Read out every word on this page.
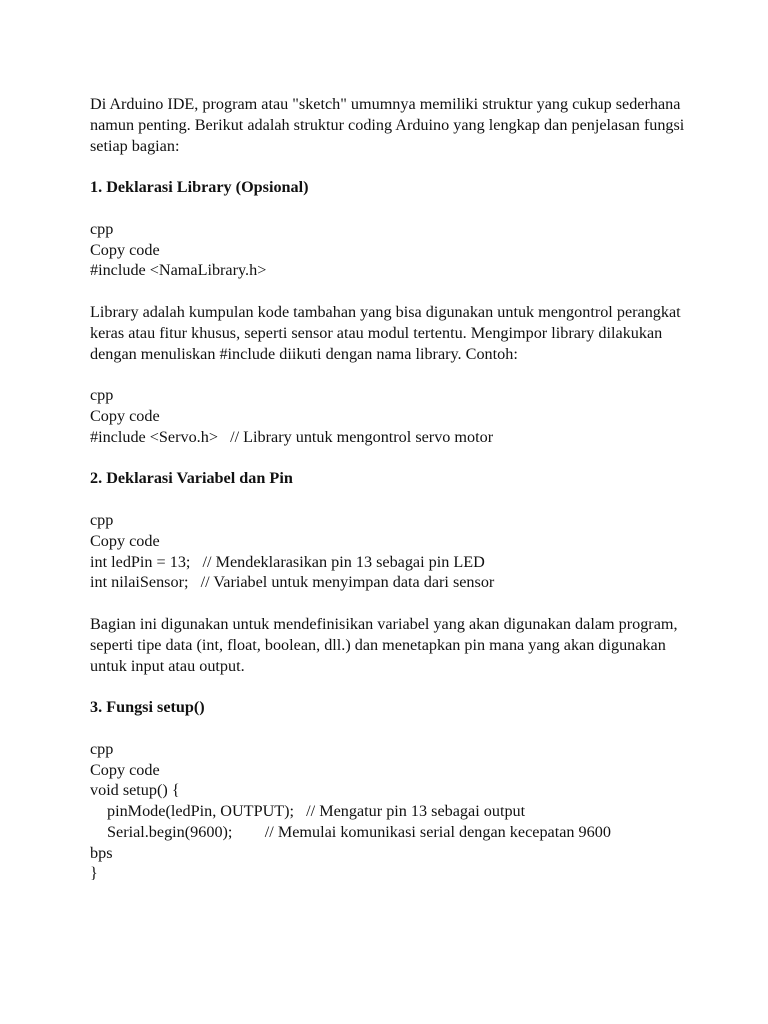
Di Arduino IDE, program atau "sketch" umumnya memiliki struktur yang cukup sederhana namun penting. Berikut adalah struktur coding Arduino yang lengkap dan penjelasan fungsi setiap bagian:

1. Deklarasi Library (Opsional)
cpp
Copy code
#include <NamaLibrary.h>

Library adalah kumpulan kode tambahan yang bisa digunakan untuk mengontrol perangkat keras atau fitur khusus, seperti sensor atau modul tertentu. Mengimpor library dilakukan dengan menuliskan #include diikuti dengan nama library. Contoh:

cpp
Copy code
#include <Servo.h>   // Library untuk mengontrol servo motor
2. Deklarasi Variabel dan Pin
cpp
Copy code
int ledPin = 13;   // Mendeklarasikan pin 13 sebagai pin LED
int nilaiSensor;   // Variabel untuk menyimpan data dari sensor

Bagian ini digunakan untuk mendefinisikan variabel yang akan digunakan dalam program, seperti tipe data (int, float, boolean, dll.) dan menetapkan pin mana yang akan digunakan untuk input atau output.

3. Fungsi setup()
cpp
Copy code
void setup() {
pinMode(ledPin, OUTPUT);   // Mengatur pin 13 sebagai output
Serial.begin(9600);        // Memulai komunikasi serial dengan kecepatan 9600
bps
}
